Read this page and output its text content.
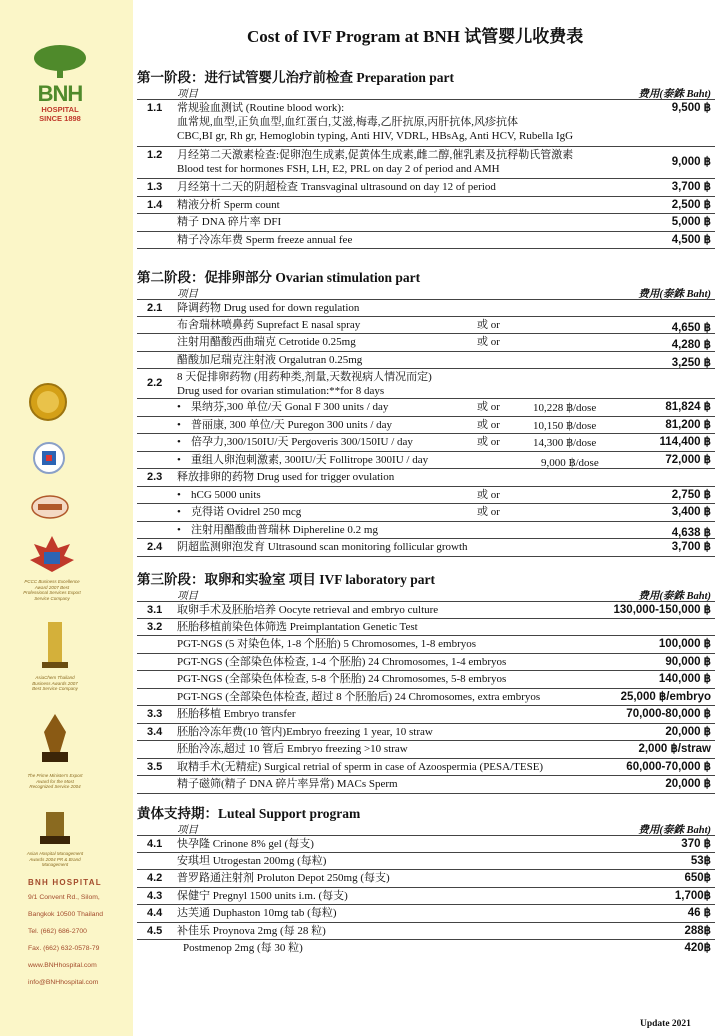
BNH
HOSPITAL
SINCE 1898
PCCC Business Excellence Award 2007 Best Professional Services Export Service Company
AsiaChem Thailand Business Awards 2007 Best Service Company
The Prime Minister's Export Award for the Most Recognized Service 2004
Asian Hospital Management Awards 2004 PR & Brand Management
BNH HOSPITAL
9/1 Convent Rd., Silom,
Bangkok 10500 Thailand
Tel. (662) 686-2700
Fax. (662) 632-0578-79
www.BNHhospital.com
info@BNHhospital.com
Cost of IVF Program at BNH 试管婴儿收费表
第一阶段：进行试管婴儿治疗前检查 Preparation part
项目	费用(泰銖 Baht)
1.1 常规验血测试 (Routine blood work):
血常规,血型,正负血型,血红蛋白,艾滋,梅毒,乙肝抗原,丙肝抗体,风疹抗体
CBC,BI gr, Rh gr, Hemoglobin typing, Anti HIV, VDRL, HBsAg, Anti HCV, Rubella IgG
9,500 ฿
1.2 月经第二天激素检查:促卵泡生成素,促黄体生成素,雌二醇,催乳素及抗稃勒氏管激素
Blood test for hormones FSH, LH, E2, PRL on day 2 of period and AMH
9,000 ฿
1.3 月经第十二天的阴超检查 Transvaginal ultrasound on day 12 of period	3,700 ฿
1.4 精液分析 Sperm count	2,500 ฿
精子 DNA 碎片率 DFI	5,000 ฿
精子冷冻年费 Sperm freeze annual fee	4,500 ฿
第二阶段：促排卵部分 Ovarian stimulation part
项目	费用(泰銖 Baht)
2.1 降调药物 Drug used for down regulation
布舍瑞林喷鼻药 Suprefact E nasal spray	或 or	4,650 ฿
注射用醋酸西曲瑞克 Cetrotide 0.25mg	或 or	4,280 ฿
醋酸加尼瑞克注射液 Orgalutran 0.25mg	3,250 ฿
2.2 8 天促排卵药物 (用药种类,剂量,天数视病人情况而定)
Drug used for ovarian stimulation:**for 8 days
• 果纳芬,300 单位/天 Gonal F 300 units / day	或 or	10,228 ฿/dose	81,824 ฿
• 普丽康, 300 单位/天 Puregon 300 units / day	或 or	10,150 ฿/dose	81,200 ฿
• 倍孕力,300/150IU/天 Pergoveris 300/150IU / day	或 or	14,300 ฿/dose	114,400 ฿
• 重组人卵泡刺激素, 300IU/天 Follitrope 300IU / day	9,000 ฿/dose	72,000 ฿
2.3 释放排卵的药物 Drug used for trigger ovulation
• hCG 5000 units	或 or	2,750 ฿
• 克得诺 Ovidrel 250 mcg	或 or	3,400 ฿
• 注射用醋酸曲普瑞林 Diphereline 0.2 mg	4,638 ฿
2.4 阴超监测卵泡发育 Ultrasound scan monitoring follicular growth	3,700 ฿
第三阶段：取卵和实验室 项目 IVF laboratory part
项目	费用(泰銖 Baht)
3.1 取卵手术及胚胎培养 Oocyte retrieval and embryo culture	130,000-150,000 ฿
3.2 胚胎移植前染色体筛选 Preimplantation Genetic Test
PGT-NGS (5 对染色体, 1-8 个胚胎) 5 Chromosomes, 1-8 embryos	100,000 ฿
PGT-NGS (全部染色体检查, 1-4 个胚胎) 24 Chromosomes, 1-4 embryos	90,000 ฿
PGT-NGS (全部染色体检查, 5-8 个胚胎) 24 Chromosomes, 5-8 embryos	140,000 ฿
PGT-NGS (全部染色体检查, 超过 8 个胚胎后) 24 Chromosomes, extra embryos	25,000 ฿/embryo
3.3 胚胎移植 Embryo transfer	70,000-80,000 ฿
3.4 胚胎冷冻年费(10 管内)Embryo freezing 1 year, 10 straw	20,000 ฿
胚胎冷冻,超过 10 管后 Embryo freezing >10 straw	2,000 ฿/straw
3.5 取精手术(无精症) Surgical retrial of sperm in case of Azoospermia (PESA/TESE)	60,000-70,000 ฿
精子磁筛(精子 DNA 碎片率异常) MACs Sperm	20,000 ฿
黄体支持期：Luteal Support program
项目	费用(泰銖 Baht)
4.1 快孕隆 Crinone 8% gel (每支)	370 ฿
安琪坦 Utrogestan 200mg (每粒)	53฿
4.2 普罗路通注射剂 Proluton Depot 250mg (每支)	650฿
4.3 保健宁 Pregnyl 1500 units i.m. (每支)	1,700฿
4.4 达芙通 Duphaston 10mg tab (每粒)	46 ฿
4.5 补佳乐 Proynova 2mg (每 28 粒)	288฿
Postmenop 2mg (每 30 粒)	420฿
Update 2021
